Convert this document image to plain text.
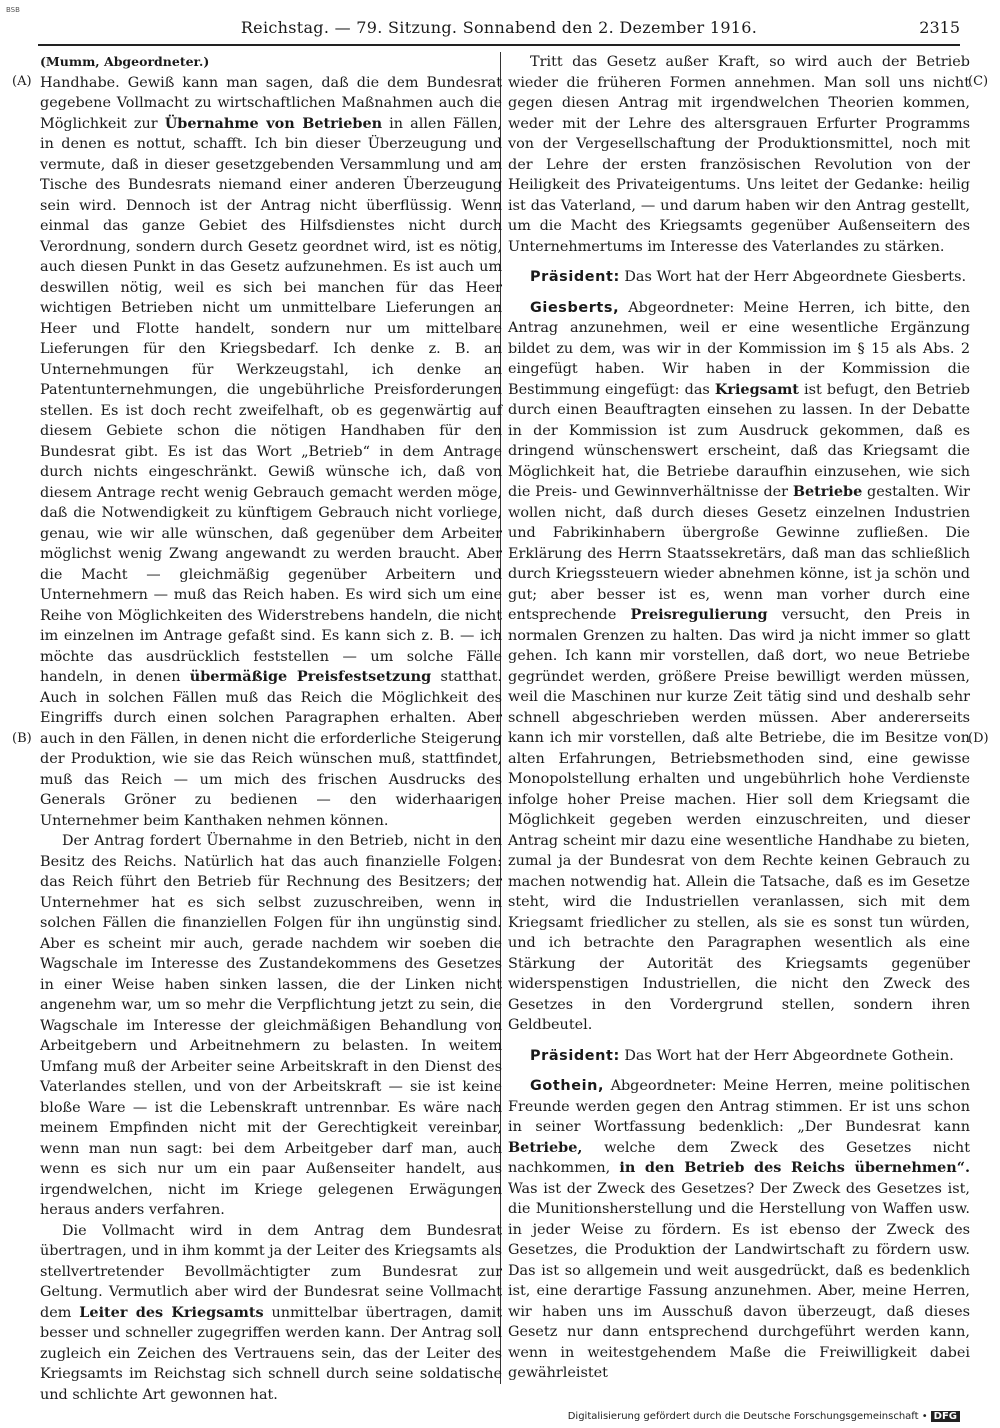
BSB
Reichstag. — 79. Sitzung. Sonnabend den 2. Dezember 1916.	2315
(A)
(B)
(C)
(D)

(Mumm, Abgeordneter.)

Handhabe. Gewiß kann man sagen, daß die dem Bundesrat gegebene Vollmacht zu wirtschaftlichen Maßnahmen auch die Möglichkeit zur Übernahme von Betrieben in allen Fällen, in denen es nottut, schafft. Ich bin dieser Überzeugung und vermute, daß in dieser gesetzgebenden Versammlung und am Tische des Bundesrats niemand einer anderen Überzeugung sein wird. Dennoch ist der Antrag nicht überflüssig. Wenn einmal das ganze Gebiet des Hilfsdienstes nicht durch Verordnung, sondern durch Gesetz geordnet wird, ist es nötig, auch diesen Punkt in das Gesetz aufzunehmen. Es ist auch um deswillen nötig, weil es sich bei manchen für das Heer wichtigen Betrieben nicht um unmittelbare Lieferungen an Heer und Flotte handelt, sondern nur um mittelbare Lieferungen für den Kriegsbedarf. Ich denke z. B. an Unternehmungen für Werkzeugstahl, ich denke an Patentunternehmungen, die ungebührliche Preisforderungen stellen. Es ist doch recht zweifelhaft, ob es gegenwärtig auf diesem Gebiete schon die nötigen Handhaben für den Bundesrat gibt. Es ist das Wort „Betrieb“ in dem Antrage durch nichts eingeschränkt. Gewiß wünsche ich, daß von diesem Antrage recht wenig Gebrauch gemacht werden möge, daß die Notwendigkeit zu künftigem Gebrauch nicht vorliege, genau, wie wir alle wünschen, daß gegenüber dem Arbeiter möglichst wenig Zwang angewandt zu werden braucht. Aber die Macht — gleichmäßig gegenüber Arbeitern und Unternehmern — muß das Reich haben. Es wird sich um eine Reihe von Möglichkeiten des Widerstrebens handeln, die nicht im einzelnen im Antrage gefaßt sind. Es kann sich z. B. — ich möchte das ausdrücklich feststellen — um solche Fälle handeln, in denen übermäßige Preisfestsetzung statthat. Auch in solchen Fällen muß das Reich die Möglichkeit des Eingriffs durch einen solchen Paragraphen erhalten. Aber auch in den Fällen, in denen nicht die erforderliche Steigerung der Produktion, wie sie das Reich wünschen muß, stattfindet, muß das Reich — um mich des frischen Ausdrucks des Generals Gröner zu bedienen — den widerhaarigen Unternehmer beim Kanthaken nehmen können.

Der Antrag fordert Übernahme in den Betrieb, nicht in den Besitz des Reichs. Natürlich hat das auch finanzielle Folgen: das Reich führt den Betrieb für Rechnung des Besitzers; der Unternehmer hat es sich selbst zuzuschreiben, wenn in solchen Fällen die finanziellen Folgen für ihn ungünstig sind. Aber es scheint mir auch, gerade nachdem wir soeben die Wagschale im Interesse des Zustandekommens des Gesetzes in einer Weise haben sinken lassen, die der Linken nicht angenehm war, um so mehr die Verpflichtung jetzt zu sein, die Wagschale im Interesse der gleichmäßigen Behandlung von Arbeitgebern und Arbeitnehmern zu belasten. In weitem Umfang muß der Arbeiter seine Arbeitskraft in den Dienst des Vaterlandes stellen, und von der Arbeitskraft — sie ist keine bloße Ware — ist die Lebenskraft untrennbar. Es wäre nach meinem Empfinden nicht mit der Gerechtigkeit vereinbar, wenn man nun sagt: bei dem Arbeitgeber darf man, auch wenn es sich nur um ein paar Außenseiter handelt, aus irgendwelchen, nicht im Kriege gelegenen Erwägungen heraus anders verfahren.

Die Vollmacht wird in dem Antrag dem Bundesrat übertragen, und in ihm kommt ja der Leiter des Kriegsamts als stellvertretender Bevollmächtigter zum Bundesrat zur Geltung. Vermutlich aber wird der Bundesrat seine Vollmacht dem Leiter des Kriegsamts unmittelbar übertragen, damit besser und schneller zugegriffen werden kann. Der Antrag soll zugleich ein Zeichen des Vertrauens sein, das der Leiter des Kriegsamts im Reichstag sich schnell durch seine soldatische und schlichte Art gewonnen hat.

Tritt das Gesetz außer Kraft, so wird auch der Betrieb wieder die früheren Formen annehmen. Man soll uns nicht gegen diesen Antrag mit irgendwelchen Theorien kommen, weder mit der Lehre des altersgrauen Erfurter Programms von der Vergesellschaftung der Produktionsmittel, noch mit der Lehre der ersten französischen Revolution von der Heiligkeit des Privateigentums. Uns leitet der Gedanke: heilig ist das Vaterland, — und darum haben wir den Antrag gestellt, um die Macht des Kriegsamts gegenüber Außenseitern des Unternehmertums im Interesse des Vaterlandes zu stärken.

Präsident: Das Wort hat der Herr Abgeordnete Giesberts.

Giesberts, Abgeordneter: Meine Herren, ich bitte, den Antrag anzunehmen, weil er eine wesentliche Ergänzung bildet zu dem, was wir in der Kommission im § 15 als Abs. 2 eingefügt haben. Wir haben in der Kommission die Bestimmung eingefügt: das Kriegsamt ist befugt, den Betrieb durch einen Beauftragten einsehen zu lassen. In der Debatte in der Kommission ist zum Ausdruck gekommen, daß es dringend wünschenswert erscheint, daß das Kriegsamt die Möglichkeit hat, die Betriebe daraufhin einzusehen, wie sich die Preis- und Gewinnverhältnisse der Betriebe gestalten. Wir wollen nicht, daß durch dieses Gesetz einzelnen Industrien und Fabrikinhabern übergroße Gewinne zufließen. Die Erklärung des Herrn Staatssekretärs, daß man das schließlich durch Kriegssteuern wieder abnehmen könne, ist ja schön und gut; aber besser ist es, wenn man vorher durch eine entsprechende Preisregulierung versucht, den Preis in normalen Grenzen zu halten. Das wird ja nicht immer so glatt gehen. Ich kann mir vorstellen, daß dort, wo neue Betriebe gegründet werden, größere Preise bewilligt werden müssen, weil die Maschinen nur kurze Zeit tätig sind und deshalb sehr schnell abgeschrieben werden müssen. Aber andererseits kann ich mir vorstellen, daß alte Betriebe, die im Besitze von alten Erfahrungen, Betriebsmethoden sind, eine gewisse Monopolstellung erhalten und ungebührlich hohe Verdienste infolge hoher Preise machen. Hier soll dem Kriegsamt die Möglichkeit gegeben werden einzuschreiten, und dieser Antrag scheint mir dazu eine wesentliche Handhabe zu bieten, zumal ja der Bundesrat von dem Rechte keinen Gebrauch zu machen notwendig hat. Allein die Tatsache, daß es im Gesetze steht, wird die Industriellen veranlassen, sich mit dem Kriegsamt friedlicher zu stellen, als sie es sonst tun würden, und ich betrachte den Paragraphen wesentlich als eine Stärkung der Autorität des Kriegsamts gegenüber widerspenstigen Industriellen, die nicht den Zweck des Gesetzes in den Vordergrund stellen, sondern ihren Geldbeutel.

Präsident: Das Wort hat der Herr Abgeordnete Gothein.

Gothein, Abgeordneter: Meine Herren, meine politischen Freunde werden gegen den Antrag stimmen. Er ist uns schon in seiner Wortfassung bedenklich: „Der Bundesrat kann Betriebe, welche dem Zweck des Gesetzes nicht nachkommen, in den Betrieb des Reichs übernehmen“. Was ist der Zweck des Gesetzes? Der Zweck des Gesetzes ist, die Munitionsherstellung und die Herstellung von Waffen usw. in jeder Weise zu fördern. Es ist ebenso der Zweck des Gesetzes, die Produktion der Landwirtschaft zu fördern usw. Das ist so allgemein und weit ausgedrückt, daß es bedenklich ist, eine derartige Fassung anzunehmen. Aber, meine Herren, wir haben uns im Ausschuß davon überzeugt, daß dieses Gesetz nur dann entsprechend durchgeführt werden kann, wenn in weitestgehendem Maße die Freiwilligkeit dabei gewährleistet

Digitalisierung gefördert durch die Deutsche Forschungsgemeinschaft • DFG
